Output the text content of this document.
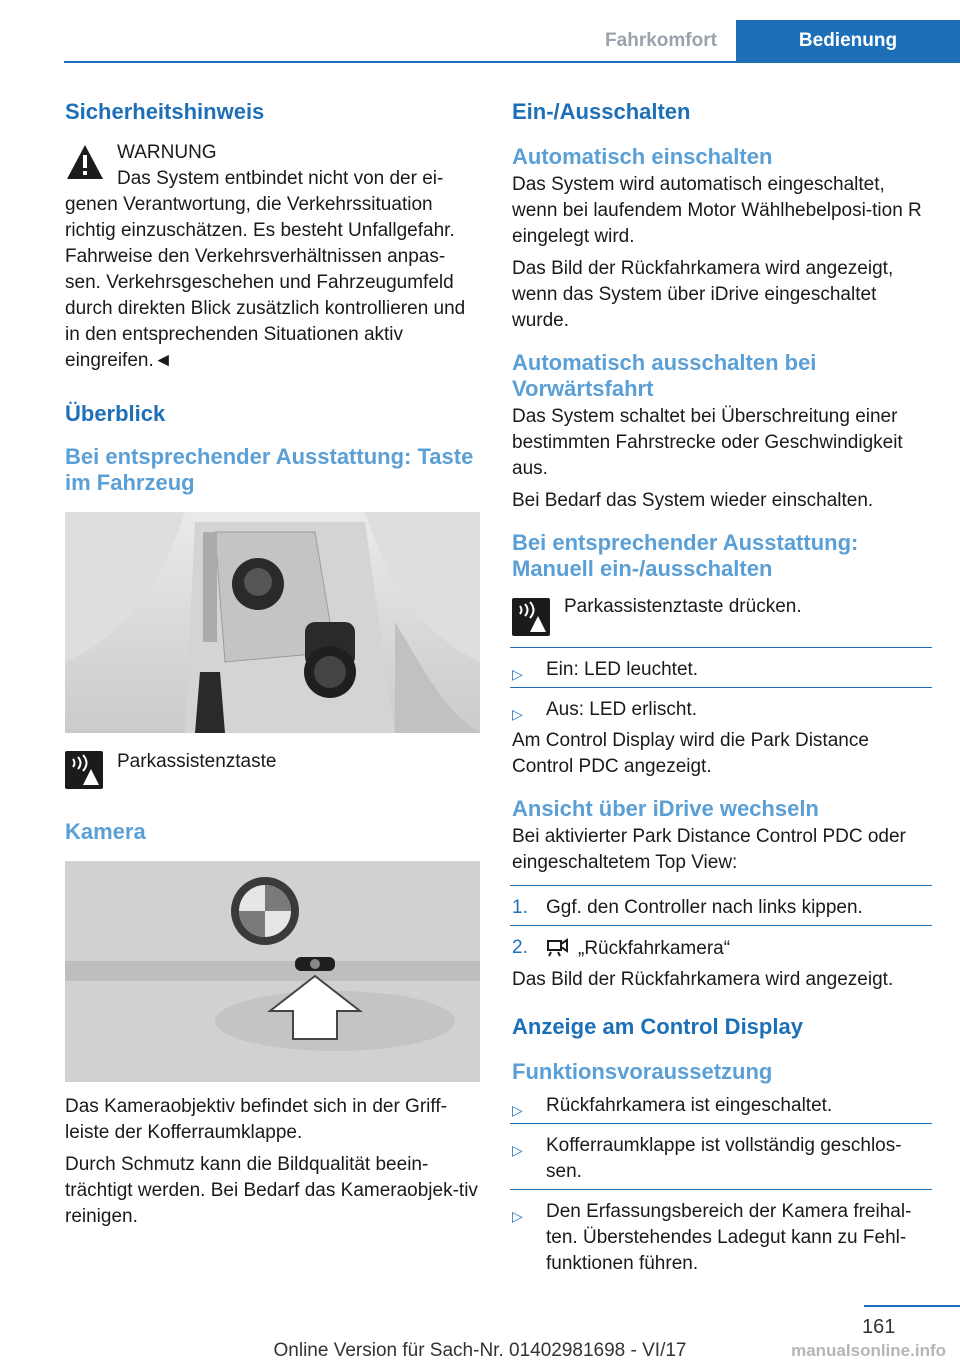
Fahrkomfort	Bedienung
Sicherheitshinweis

WARNUNG

Das System entbindet nicht von der ei-

genen Verantwortung, die Verkehrssituation richtig einzuschätzen. Es besteht Unfallgefahr. Fahrweise den Verkehrsverhältnissen anpas-sen. Verkehrsgeschehen und Fahrzeugumfeld durch direkten Blick zusätzlich kontrollieren und in den entsprechenden Situationen aktiv eingreifen.◄

Überblick
Bei entsprechender Ausstattung: Taste im Fahrzeug

Parkassistenztaste

Kamera

Das Kameraobjektiv befindet sich in der Griff-leiste der Kofferraumklappe.

Durch Schmutz kann die Bildqualität beein-trächtigt werden. Bei Bedarf das Kameraobjek-tiv reinigen.

Ein-/Ausschalten
Automatisch einschalten

Das System wird automatisch eingeschaltet, wenn bei laufendem Motor Wählhebelposi-tion R eingelegt wird.

Das Bild der Rückfahrkamera wird angezeigt, wenn das System über iDrive eingeschaltet wurde.

Automatisch ausschalten bei Vorwärtsfahrt

Das System schaltet bei Überschreitung einer bestimmten Fahrstrecke oder Geschwindigkeit aus.

Bei Bedarf das System wieder einschalten.

Bei entsprechender Ausstattung: Manuell ein-/ausschalten

Parkassistenztaste drücken.

▷ Ein: LED leuchtet.
▷ Aus: LED erlischt.

Am Control Display wird die Park Distance Control PDC angezeigt.

Ansicht über iDrive wechseln

Bei aktivierter Park Distance Control PDC oder eingeschaltetem Top View:

1. Ggf. den Controller nach links kippen.
2.	„Rückfahrkamera“

Das Bild der Rückfahrkamera wird angezeigt.

Anzeige am Control Display
Funktionsvoraussetzung
▷ Rückfahrkamera ist eingeschaltet.
▷ Kofferraumklappe ist vollständig geschlos-sen.
▷ Den Erfassungsbereich der Kamera freihal-ten. Überstehendes Ladegut kann zu Fehl-funktionen führen.
161
Online Version für Sach-Nr. 01402981698 - VI/17	manualsonline.info
